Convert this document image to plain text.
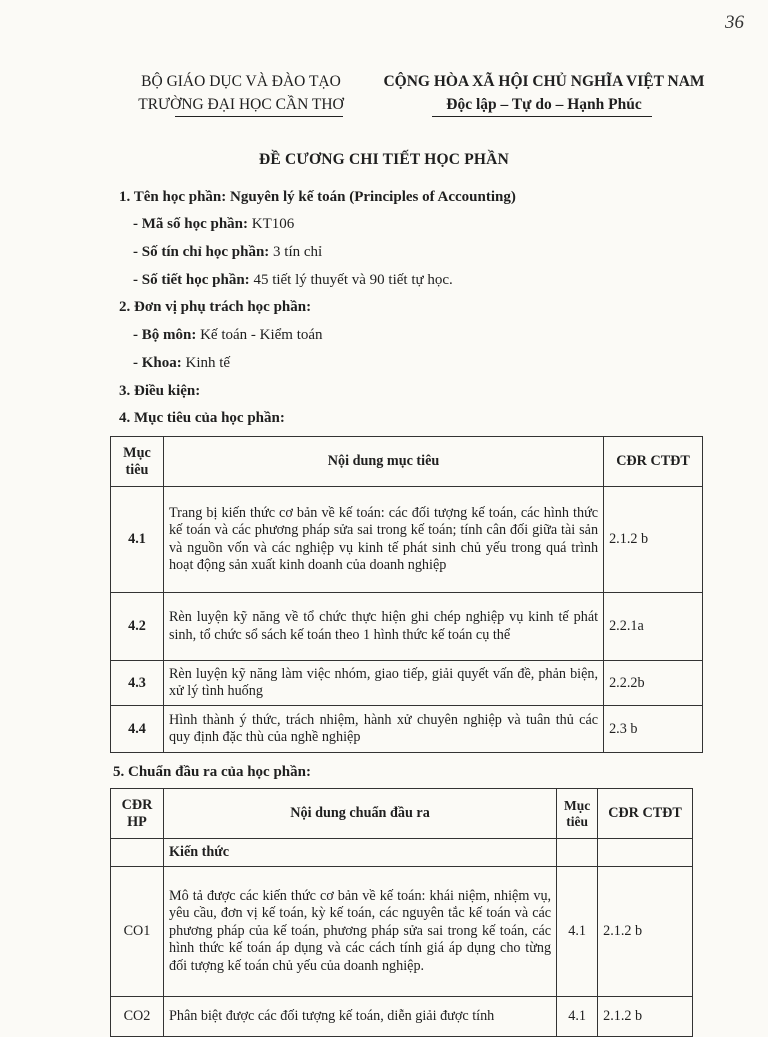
36
BỘ GIÁO DỤC VÀ ĐÀO TẠO
TRƯỜNG ĐẠI HỌC CẦN THƠ
CỘNG HÒA XÃ HỘI CHỦ NGHĨA VIỆT NAM
Độc lập – Tự do – Hạnh Phúc
ĐỀ CƯƠNG CHI TIẾT HỌC PHẦN
1. Tên học phần: Nguyên lý kế toán (Principles of Accounting)
- Mã số học phần: KT106
- Số tín chỉ học phần: 3 tín chỉ
- Số tiết học phần: 45 tiết lý thuyết và 90 tiết tự học.
2. Đơn vị phụ trách học phần:
- Bộ môn: Kế toán - Kiểm toán
- Khoa: Kinh tế
3. Điều kiện:
4. Mục tiêu của học phần:
Mục tiêu	Nội dung mục tiêu	CĐR CTĐT
4.1	Trang bị kiến thức cơ bản về kế toán: các đối tượng kế toán, các hình thức kế toán và các phương pháp sửa sai trong kế toán; tính cân đối giữa tài sản và nguồn vốn và các nghiệp vụ kinh tế phát sinh chủ yếu trong quá trình hoạt động sản xuất kinh doanh của doanh nghiệp	2.1.2 b
4.2	Rèn luyện kỹ năng về tổ chức thực hiện ghi chép nghiệp vụ kinh tế phát sinh, tổ chức sổ sách kế toán theo 1 hình thức kế toán cụ thể	2.2.1a
4.3	Rèn luyện kỹ năng làm việc nhóm, giao tiếp, giải quyết vấn đề, phản biện, xử lý tình huống	2.2.2b
4.4	Hình thành ý thức, trách nhiệm, hành xử chuyên nghiệp và tuân thủ các quy định đặc thù của nghề nghiệp	2.3 b
5. Chuẩn đầu ra của học phần:
CĐR HP	Nội dung chuẩn đầu ra	Mục tiêu	CĐR CTĐT
	Kiến thức		
CO1	Mô tả được các kiến thức cơ bản về kế toán: khái niệm, nhiệm vụ, yêu cầu, đơn vị kế toán, kỳ kế toán, các nguyên tắc kế toán và các phương pháp của kế toán, phương pháp sửa sai trong kế toán, các hình thức kế toán áp dụng và các cách tính giá áp dụng cho từng đối tượng kế toán chủ yếu của doanh nghiệp.	4.1	2.1.2 b
CO2	Phân biệt được các đối tượng kế toán, diễn giải được tính	4.1	2.1.2 b
